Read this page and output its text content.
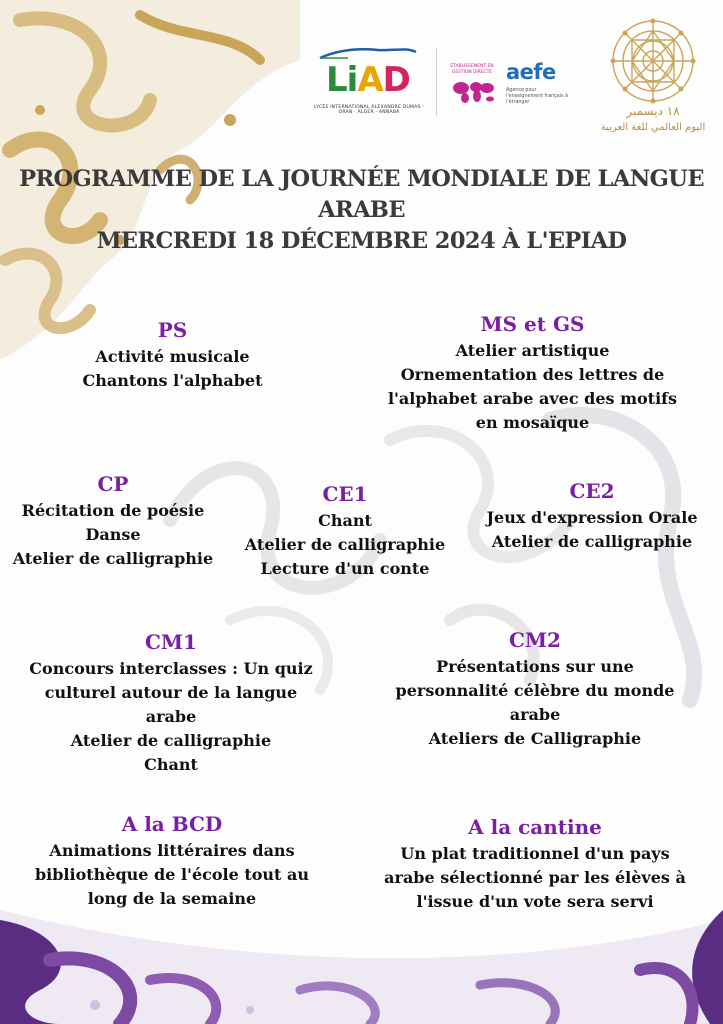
LiAD
LYCÉE INTERNATIONAL ALEXANDRE DUMAS · ORAN · ALGER · ANNABA
ÉTABLISSEMENT EN GESTION DIRECTE aefe
Agence pour l'enseignement français à l'étranger
١٨ ديسمبر
اليوم العالمي للغة العربية
PROGRAMME DE LA JOURNÉE MONDIALE DE LANGUE
ARABE
MERCREDI 18 DÉCEMBRE 2024 À L'EPIAD
PS
Activité musicale
Chantons l'alphabet
MS et GS
Atelier artistique
Ornementation des lettres de
l'alphabet arabe avec des motifs
en mosaïque
CP
Récitation de poésie
Danse
Atelier de calligraphie
CE1
Chant
Atelier de calligraphie
Lecture d'un conte
CE2
Jeux d'expression Orale
Atelier de calligraphie
CM1
Concours interclasses : Un quiz
culturel autour de la langue
arabe
Atelier de calligraphie
Chant
CM2
Présentations sur une
personnalité célèbre du monde
arabe
Ateliers de Calligraphie
A la BCD
Animations littéraires dans
bibliothèque de l'école tout au
long de la semaine
A la cantine
Un plat traditionnel d'un pays
arabe sélectionné par les élèves à
l'issue d'un vote sera servi
